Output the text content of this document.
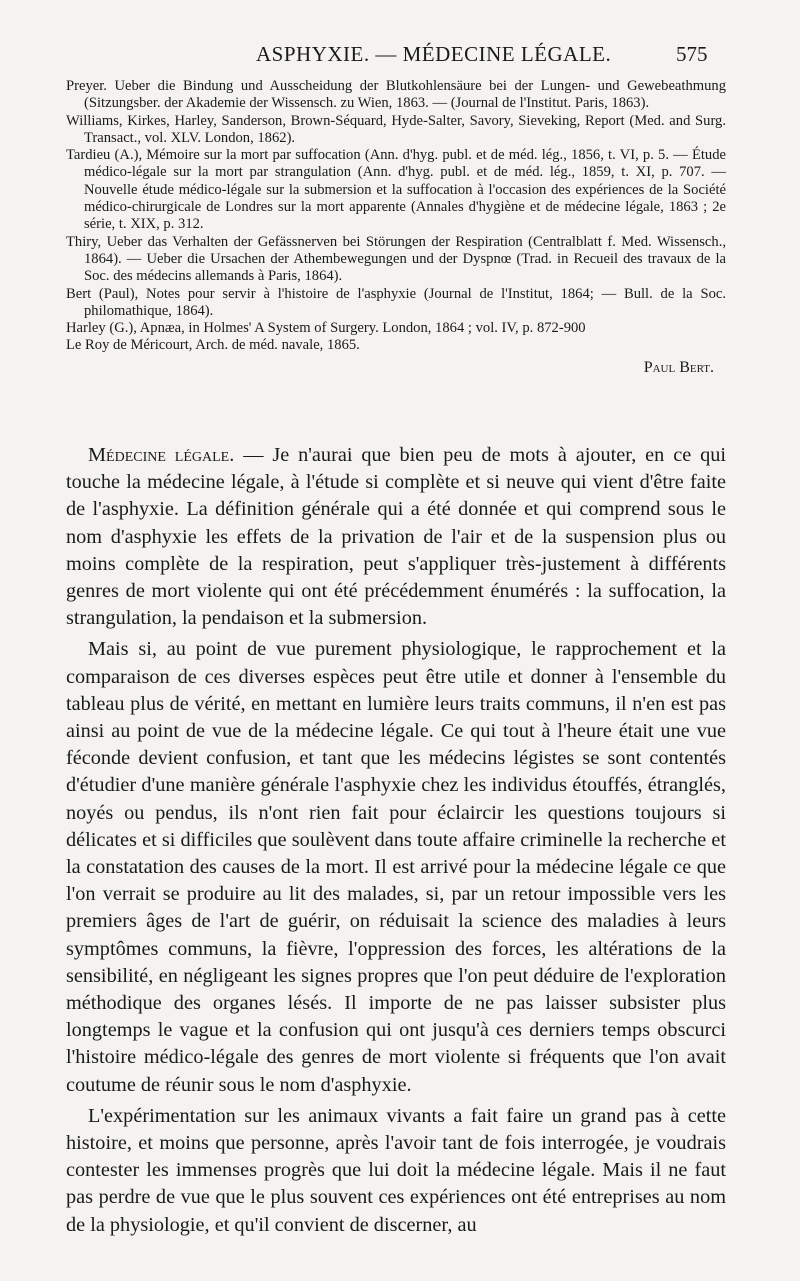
ASPHYXIE. — MÉDECINE LÉGALE.	575

Preyer. Ueber die Bindung und Ausscheidung der Blutkohlensäure bei der Lungen- und Gewebeathmung (Sitzungsber. der Akademie der Wissensch. zu Wien, 1863. — (Journal de l'Institut. Paris, 1863).

Williams, Kirkes, Harley, Sanderson, Brown-Séquard, Hyde-Salter, Savory, Sieveking, Report (Med. and Surg. Transact., vol. XLV. London, 1862).

Tardieu (A.), Mémoire sur la mort par suffocation (Ann. d'hyg. publ. et de méd. lég., 1856, t. VI, p. 5. — Étude médico-légale sur la mort par strangulation (Ann. d'hyg. publ. et de méd. lég., 1859, t. XI, p. 707. — Nouvelle étude médico-légale sur la submersion et la suffocation à l'occasion des expériences de la Société médico-chirurgicale de Londres sur la mort apparente (Annales d'hygiène et de médecine légale, 1863 ; 2e série, t. XIX, p. 312.

Thiry, Ueber das Verhalten der Gefässnerven bei Störungen der Respiration (Centralblatt f. Med. Wissensch., 1864). — Ueber die Ursachen der Athembewegungen und der Dyspnœ (Trad. in Recueil des travaux de la Soc. des médecins allemands à Paris, 1864).

Bert (Paul), Notes pour servir à l'histoire de l'asphyxie (Journal de l'Institut, 1864; — Bull. de la Soc. philomathique, 1864).

Harley (G.), Apnæa, in Holmes' A System of Surgery. London, 1864 ; vol. IV, p. 872-900

Le Roy de Méricourt, Arch. de méd. navale, 1865.

Paul Bert.

Médecine légale. — Je n'aurai que bien peu de mots à ajouter, en ce qui touche la médecine légale, à l'étude si complète et si neuve qui vient d'être faite de l'asphyxie. La définition générale qui a été donnée et qui comprend sous le nom d'asphyxie les effets de la privation de l'air et de la suspension plus ou moins complète de la respiration, peut s'appliquer très-justement à différents genres de mort violente qui ont été précédemment énumérés : la suffocation, la strangulation, la pendaison et la submersion.

Mais si, au point de vue purement physiologique, le rapprochement et la comparaison de ces diverses espèces peut être utile et donner à l'ensemble du tableau plus de vérité, en mettant en lumière leurs traits communs, il n'en est pas ainsi au point de vue de la médecine légale. Ce qui tout à l'heure était une vue féconde devient confusion, et tant que les médecins légistes se sont contentés d'étudier d'une manière générale l'asphyxie chez les individus étouffés, étranglés, noyés ou pendus, ils n'ont rien fait pour éclaircir les questions toujours si délicates et si difficiles que soulèvent dans toute affaire criminelle la recherche et la constatation des causes de la mort. Il est arrivé pour la médecine légale ce que l'on verrait se produire au lit des malades, si, par un retour impossible vers les premiers âges de l'art de guérir, on réduisait la science des maladies à leurs symptômes communs, la fièvre, l'oppression des forces, les altérations de la sensibilité, en négligeant les signes propres que l'on peut déduire de l'exploration méthodique des organes lésés. Il importe de ne pas laisser subsister plus longtemps le vague et la confusion qui ont jusqu'à ces derniers temps obscurci l'histoire médico-légale des genres de mort violente si fréquents que l'on avait coutume de réunir sous le nom d'asphyxie.

L'expérimentation sur les animaux vivants a fait faire un grand pas à cette histoire, et moins que personne, après l'avoir tant de fois interrogée, je voudrais contester les immenses progrès que lui doit la médecine légale. Mais il ne faut pas perdre de vue que le plus souvent ces expériences ont été entreprises au nom de la physiologie, et qu'il convient de discerner, au
